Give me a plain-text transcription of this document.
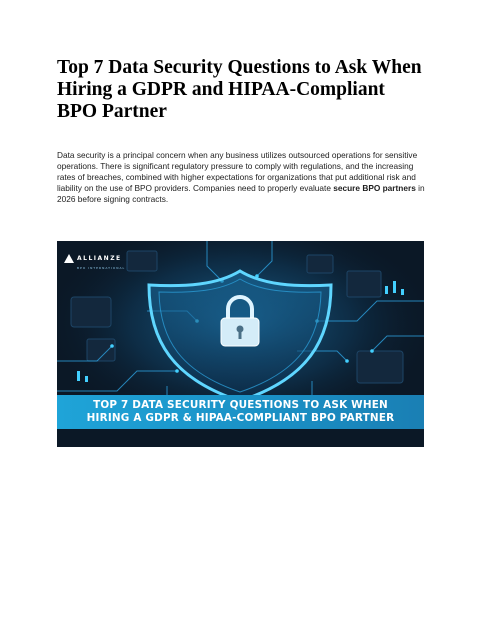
Top 7 Data Security Questions to Ask When Hiring a GDPR and HIPAA-Compliant BPO Partner

Data security is a principal concern when any business utilizes outsourced operations for sensitive operations. There is significant regulatory pressure to comply with regulations, and the increasing rates of breaches, combined with higher expectations for organizations that put additional risk and liability on the use of BPO providers. Companies need to properly evaluate secure BPO partners in 2026 before signing contracts.

ALLIANZE
BPO INTERNATIONAL
TOP 7 DATA SECURITY QUESTIONS TO ASK WHEN
HIRING A GDPR & HIPAA-COMPLIANT BPO PARTNER
